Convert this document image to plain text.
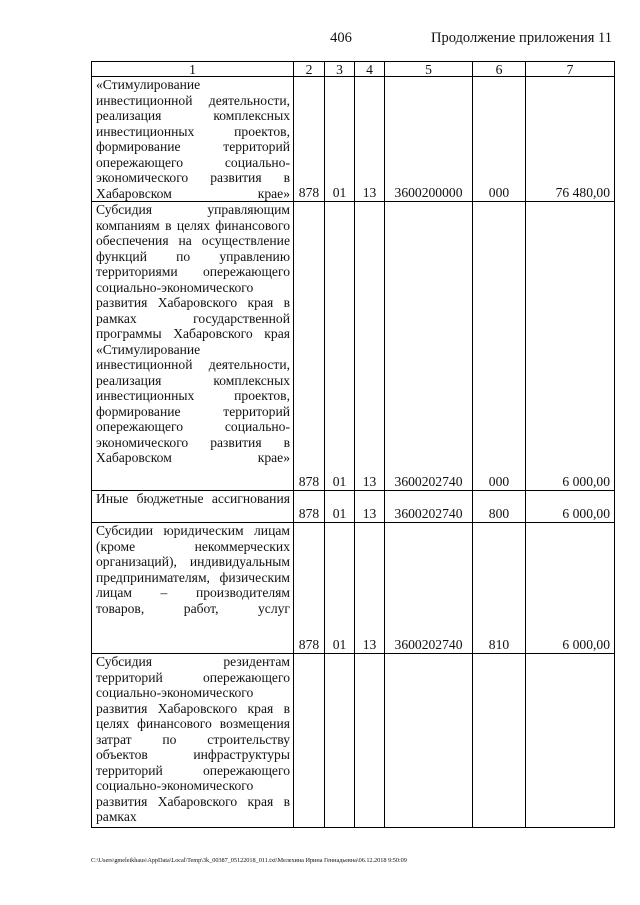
406	Продолжение приложения 11
1	2	3	4	5	6	7
«Стимулирование инвестиционной деятельности, реализация комплексных инвестиционных проектов, формирование территорий опережающего социально-экономического развития в Хабаровском крае»	878	01	13	3600200000	000	76 480,00
Субсидия управляющим компаниям в целях финансового обеспечения на осуществление функций по управлению территориями опережающего социально-экономического развития Хабаровского края в рамках государственной программы Хабаровского края «Стимулирование инвестиционной деятельности, реализация комплексных инвестиционных проектов, формирование территорий опережающего социально-экономического развития в Хабаровском крае»	878	01	13	3600202740	000	6 000,00
Иные бюджетные ассигнования	878	01	13	3600202740	800	6 000,00
Субсидии юридическим лицам (кроме некоммерческих организаций), индивидуальным предпринимателям, физическим лицам – производителям товаров, работ, услуг	878	01	13	3600202740	810	6 000,00
Субсидия резидентам территорий опережающего социально-экономического развития Хабаровского края в целях финансового возмещения затрат по строительству объектов инфраструктуры территорий опережающего социально-экономического развития Хабаровского края в рамках						
C:\Users\gmeleikhaus\AppData\Local\Temp\3k_00387_05122018_011.txt\Мелехина Ирина Геннадьевна\06.12.2018 9:50:09
